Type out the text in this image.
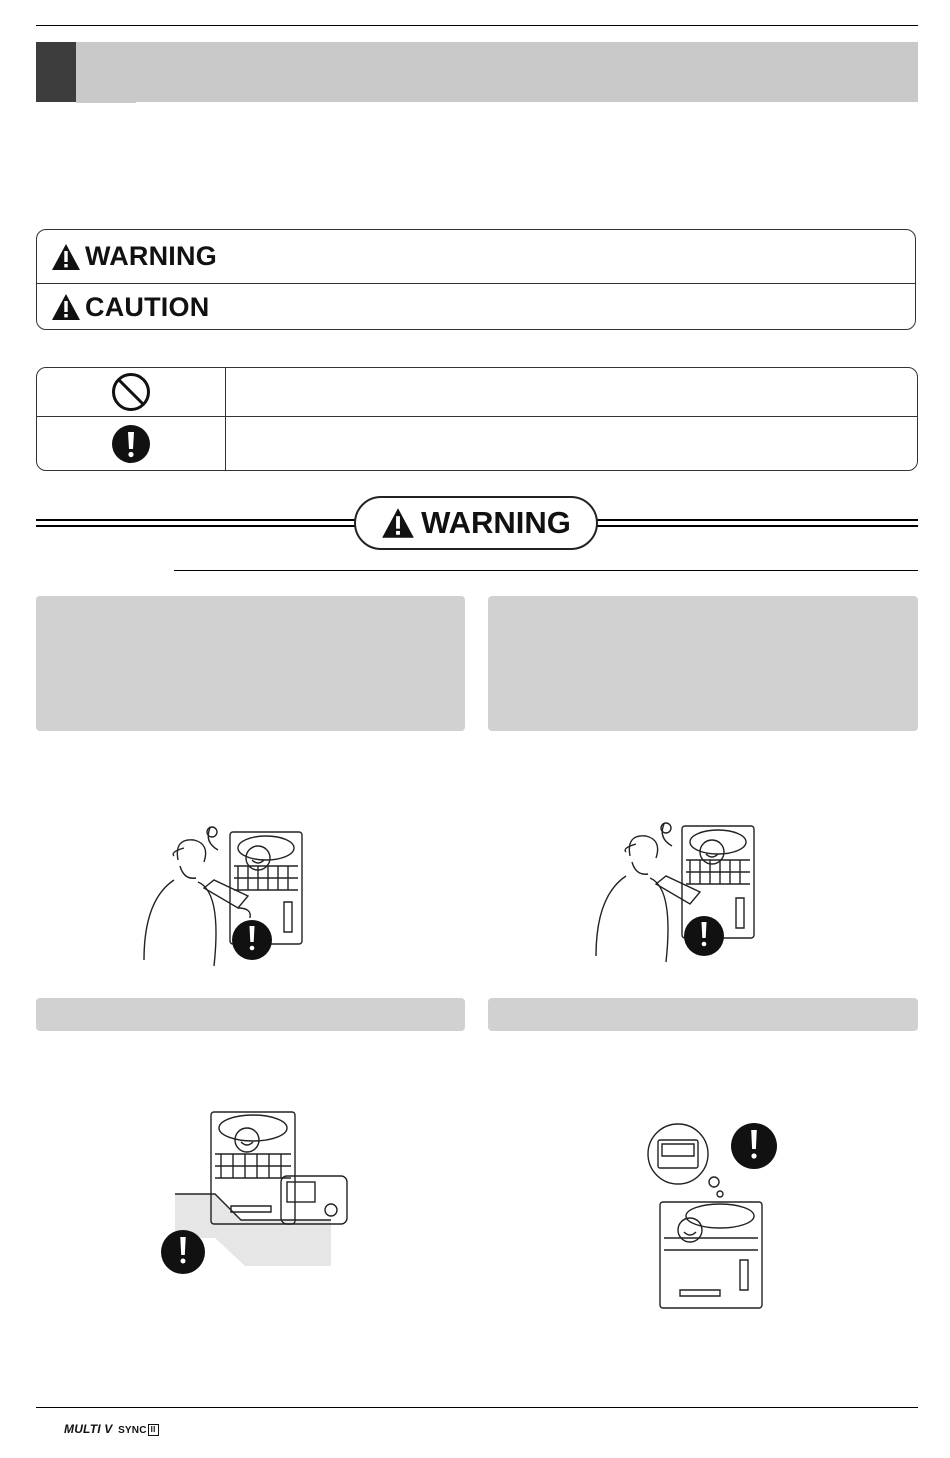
WARNING
CAUTION
WARNING
MULTI V SYNC II
